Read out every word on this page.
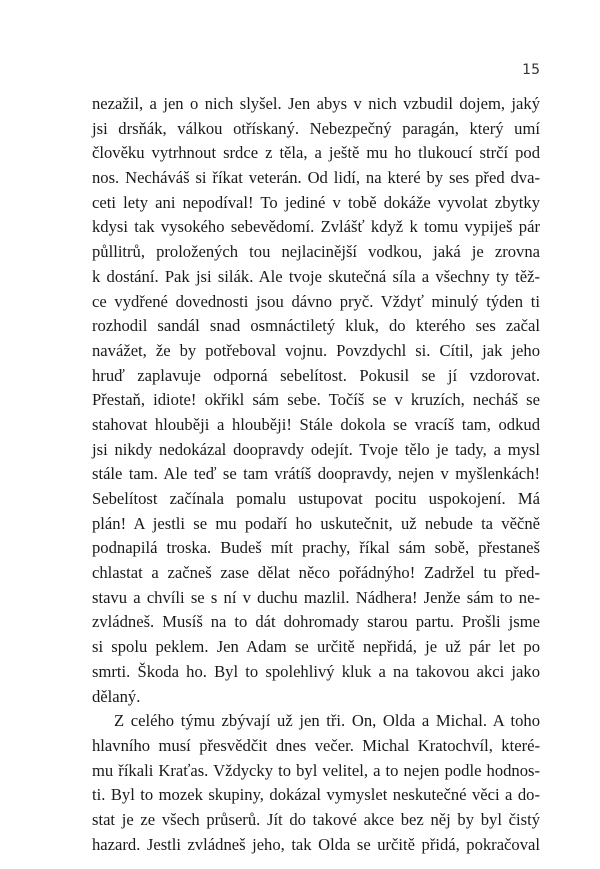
15
nezažil, a jen o nich slyšel. Jen abys v nich vzbudil dojem, jaký
jsi drsňák, válkou otřískaný. Nebezpečný paragán, který umí
člověku vytrhnout srdce z těla, a ještě mu ho tlukoucí strčí pod
nos. Necháváš si říkat veterán. Od lidí, na které by ses před dva-
ceti lety ani nepodíval! To jediné v tobě dokáže vyvolat zbytky
kdysi tak vysokého sebevědomí. Zvlášť když k tomu vypiješ pár
půllitrů, proložených tou nejlacinější vodkou, jaká je zrovna
k dostání. Pak jsi silák. Ale tvoje skutečná síla a všechny ty těž-
ce vydřené dovednosti jsou dávno pryč. Vždyť minulý týden ti
rozhodil sandál snad osmnáctiletý kluk, do kterého ses začal
navážet, že by potřeboval vojnu. Povzdychl si. Cítil, jak jeho
hruď zaplavuje odporná sebelítost. Pokusil se jí vzdorovat.
Přestaň, idiote! okřikl sám sebe. Točíš se v kruzích, necháš se
stahovat hlouběji a hlouběji! Stále dokola se vracíš tam, odkud
jsi nikdy nedokázal doopravdy odejít. Tvoje tělo je tady, a mysl
stále tam. Ale teď se tam vrátíš doopravdy, nejen v myšlenkách!
Sebelítost začínala pomalu ustupovat pocitu uspokojení. Má
plán! A jestli se mu podaří ho uskutečnit, už nebude ta věčně
podnapilá troska. Budeš mít prachy, říkal sám sobě, přestaneš
chlastat a začneš zase dělat něco pořádnýho! Zadržel tu před-
stavu a chvíli se s ní v duchu mazlil. Nádhera! Jenže sám to ne-
zvládneš. Musíš na to dát dohromady starou partu. Prošli jsme
si spolu peklem. Jen Adam se určitě nepřidá, je už pár let po
smrti. Škoda ho. Byl to spolehlivý kluk a na takovou akci jako
dělaný.
Z celého týmu zbývají už jen tři. On, Olda a Michal. A toho
hlavního musí přesvědčit dnes večer. Michal Kratochvíl, které-
mu říkali Kraťas. Vždycky to byl velitel, a to nejen podle hodnos-
ti. Byl to mozek skupiny, dokázal vymyslet neskutečné věci a do-
stat je ze všech průserů. Jít do takové akce bez něj by byl čistý
hazard. Jestli zvládneš jeho, tak Olda se určitě přidá, pokračoval
